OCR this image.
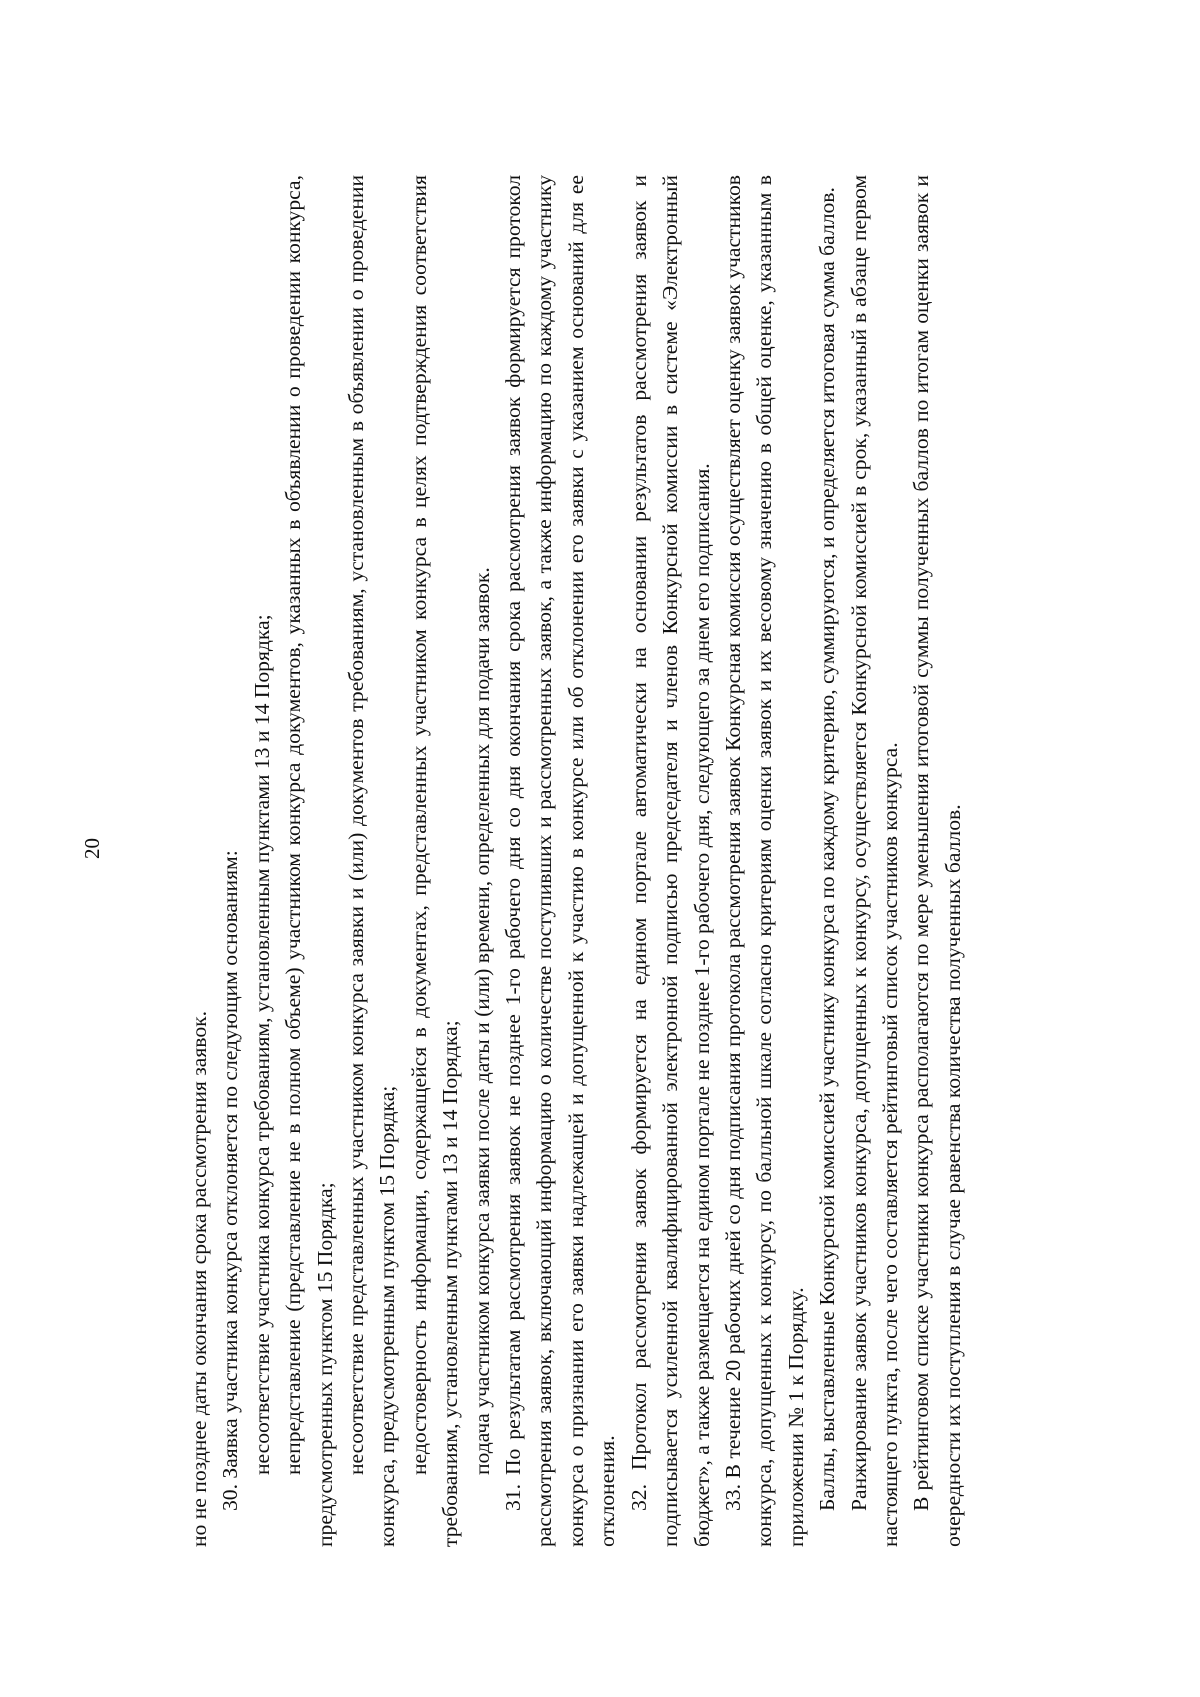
20

но не позднее даты окончания срока рассмотрения заявок. 30. Заявка участника конкурса отклоняется по следующим основаниям: несоответствие участника конкурса требованиям, установленным пунктами 13 и 14 Порядка; непредставление (представление не в полном объеме) участником конкурса документов, указанных в объявлении о проведении конкурса, предусмотренных пунктом 15 Порядка; несоответствие представленных участником конкурса заявки и (или) документов требованиям, установленным в объявлении о проведении конкурса, предусмотренным пунктом 15 Порядка; недостоверность информации, содержащейся в документах, представленных участником конкурса в целях подтверждения соответствия требованиям, установленным пунктами 13 и 14 Порядка; подача участником конкурса заявки после даты и (или) времени, определенных для подачи заявок. 31. По результатам рассмотрения заявок не позднее 1-го рабочего дня со дня окончания срока рассмотрения заявок формируется протокол рассмотрения заявок, включающий информацию о количестве поступивших и рассмотренных заявок, а также информацию по каждому участнику конкурса о признании его заявки надлежащей и допущенной к участию в конкурсе или об отклонении его заявки с указанием оснований для ее отклонения. 32. Протокол рассмотрения заявок формируется на едином портале автоматически на основании результатов рассмотрения заявок и подписывается усиленной квалифицированной электронной подписью председателя и членов Конкурсной комиссии в системе «Электронный бюджет», а также размещается на едином портале не позднее 1-го рабочего дня, следующего за днем его подписания. 33. В течение 20 рабочих дней со дня подписания протокола рассмотрения заявок Конкурсная комиссия осуществляет оценку заявок участников конкурса, допущенных к конкурсу, по балльной шкале согласно критериям оценки заявок и их весовому значению в общей оценке, указанным в приложении № 1 к Порядку. Баллы, выставленные Конкурсной комиссией участнику конкурса по каждому критерию, суммируются, и определяется итоговая сумма баллов. Ранжирование заявок участников конкурса, допущенных к конкурсу, осуществляется Конкурсной комиссией в срок, указанный в абзаце первом настоящего пункта, после чего составляется рейтинговый список участников конкурса. В рейтинговом списке участники конкурса располагаются по мере уменьшения итоговой суммы полученных баллов по итогам оценки заявок и очередности их поступления в случае равенства количества полученных баллов.
